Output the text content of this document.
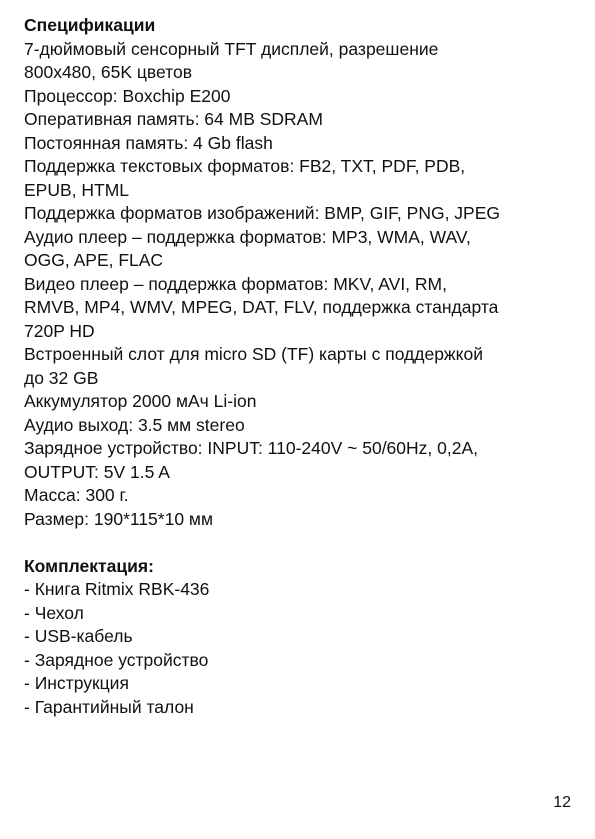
Спецификации

7-дюймовый сенсорный TFT дисплей, разрешение

800x480, 65K цветов

Процессор: Boxchip E200

Оперативная память: 64 MB SDRAM

Постоянная память: 4 Gb flash

Поддержка текстовых форматов: FB2, TXT, PDF, PDB,

EPUB, HTML

Поддержка форматов изображений: BMP, GIF, PNG, JPEG

Аудио плеер – поддержка форматов: MP3, WMA, WAV,

OGG, APE, FLAC

Видео плеер – поддержка форматов: MKV, AVI, RM,

RMVB, MP4, WMV, MPEG, DAT, FLV, поддержка стандарта

720P HD

Встроенный слот для micro SD (TF) карты с поддержкой

до 32 GB

Аккумулятор 2000 мАч Li-ion

Аудио выход: 3.5 мм stereo

Зарядное устройство: INPUT: 110-240V ~ 50/60Hz, 0,2A,

OUTPUT: 5V 1.5 A

Масса: 300 г.

Размер: 190*115*10 мм

Комплектация:

- Книга Ritmix RBK-436

- Чехол

- USB-кабель

- Зарядное устройство

- Инструкция

- Гарантийный талон

12
